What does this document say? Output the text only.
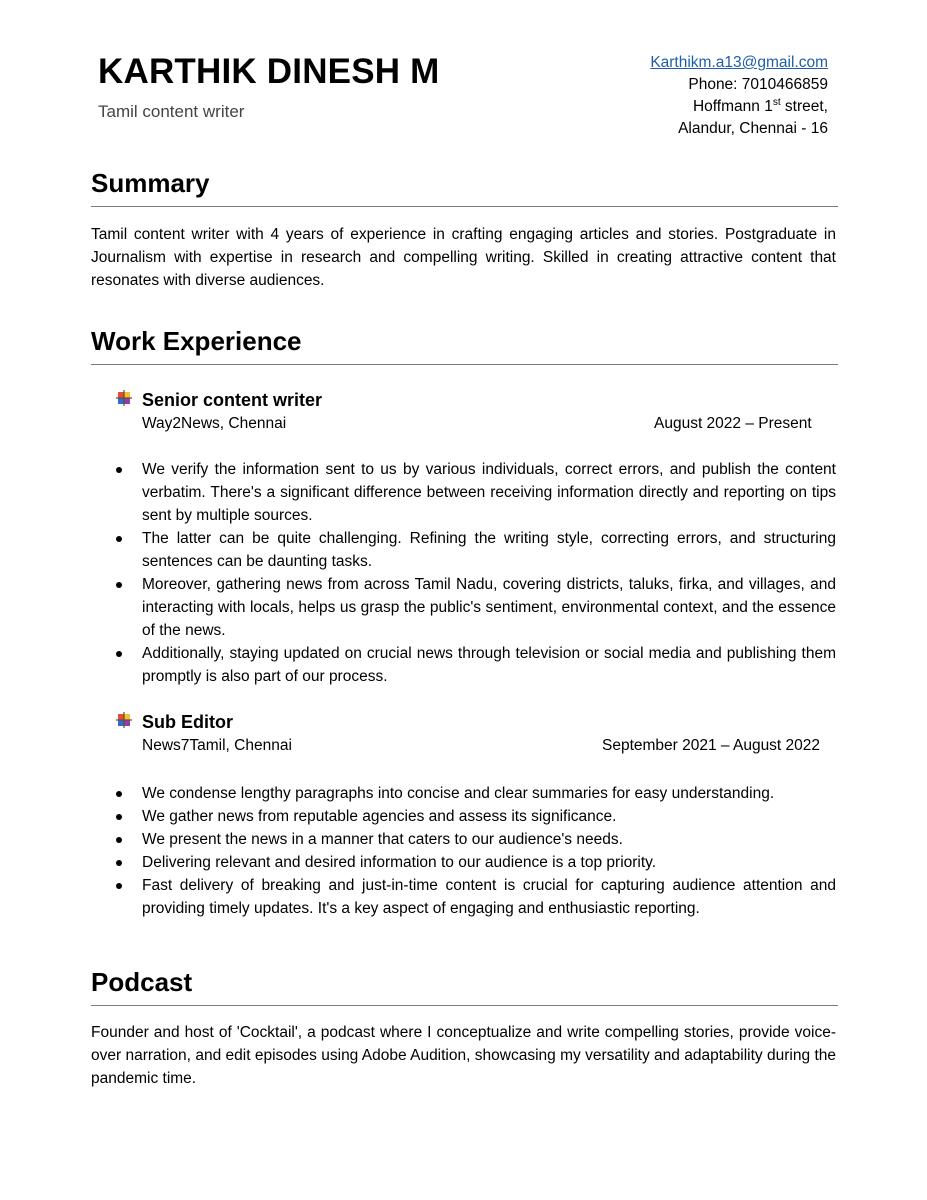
KARTHIK DINESH M
Tamil content writer
Karthikm.a13@gmail.com
Phone: 7010466859
Hoffmann 1st street,
Alandur, Chennai - 16
Summary
Tamil content writer with 4 years of experience in crafting engaging articles and stories. Postgraduate in Journalism with expertise in research and compelling writing. Skilled in creating attractive content that resonates with diverse audiences.
Work Experience
Senior content writer
Way2News, Chennai	August 2022 – Present
We verify the information sent to us by various individuals, correct errors, and publish the content verbatim. There's a significant difference between receiving information directly and reporting on tips sent by multiple sources.
The latter can be quite challenging. Refining the writing style, correcting errors, and structuring sentences can be daunting tasks.
Moreover, gathering news from across Tamil Nadu, covering districts, taluks, firka, and villages, and interacting with locals, helps us grasp the public's sentiment, environmental context, and the essence of the news.
Additionally, staying updated on crucial news through television or social media and publishing them promptly is also part of our process.
Sub Editor
News7Tamil, Chennai	September 2021 – August 2022
We condense lengthy paragraphs into concise and clear summaries for easy understanding.
We gather news from reputable agencies and assess its significance.
We present the news in a manner that caters to our audience's needs.
Delivering relevant and desired information to our audience is a top priority.
Fast delivery of breaking and just-in-time content is crucial for capturing audience attention and providing timely updates. It's a key aspect of engaging and enthusiastic reporting.
Podcast
Founder and host of 'Cocktail', a podcast where I conceptualize and write compelling stories, provide voice-over narration, and edit episodes using Adobe Audition, showcasing my versatility and adaptability during the pandemic time.
